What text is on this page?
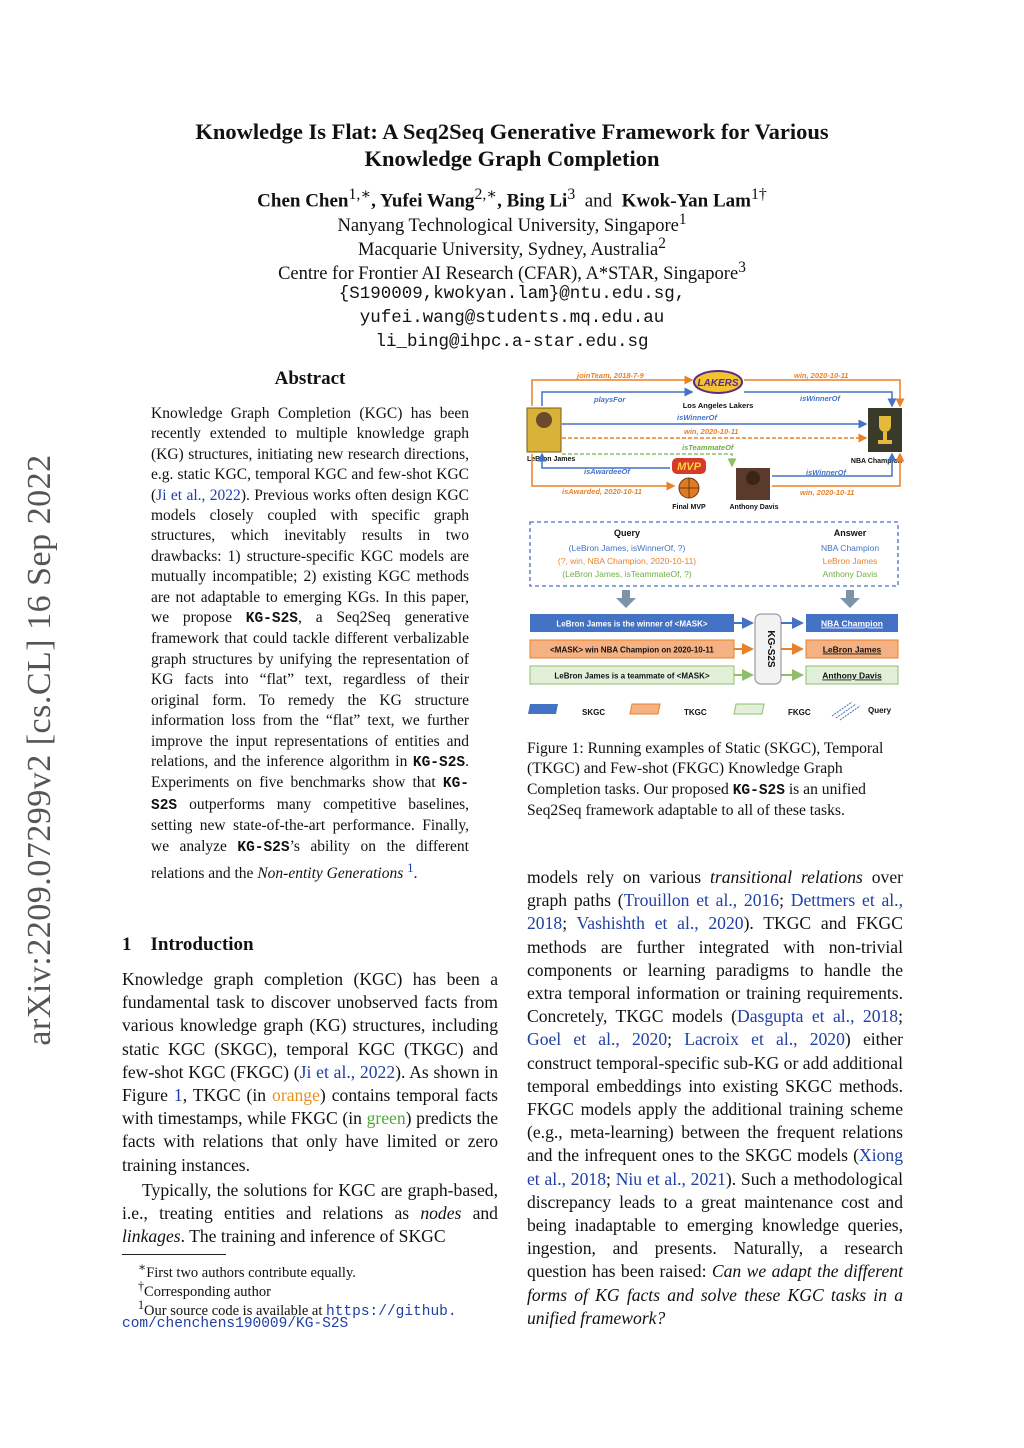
Knowledge Is Flat: A Seq2Seq Generative Framework for Various
Knowledge Graph Completion
Chen Chen$^{1,∗}$, Yufei Wang$^{2,∗}$, Bing Li$^3$ and Kwok-Yan Lam$^{1\dagger}$
Nanyang Technological University, Singapore$^1$
Macquarie University, Sydney, Australia$^2$
Centre for Frontier AI Research (CFAR), A*STAR, Singapore$^3$
{S190009,kwokyan.lam}@ntu.edu.sg,
yufei.wang@students.mq.edu.au
li_bing@ihpc.a-star.edu.sg
arXiv:2209.07299v2 [cs.CL] 16 Sep 2022
Abstract
Knowledge Graph Completion (KGC) has been recently extended to multiple knowledge graph (KG) structures, initiating new research directions, e.g. static KGC, temporal KGC and few-shot KGC (Ji et al., 2022). Previous works often design KGC models closely coupled with specific graph structures, which inevitably results in two drawbacks: 1) structure-specific KGC models are mutually incompatible; 2) existing KGC methods are not adaptable to emerging KGs. In this paper, we propose KG-S2S, a Seq2Seq generative framework that could tackle different verbalizable graph structures by unifying the representation of KG facts into “flat” text, regardless of their original form. To remedy the KG structure information loss from the “flat” text, we further improve the input representations of entities and relations, and the inference algorithm in KG-S2S. Experiments on five benchmarks show that KG-S2S outperforms many competitive baselines, setting new state-of-the-art performance. Finally, we analyze KG-S2S’s ability on the different relations and the Non-entity Generations $^1$.
1 Introduction
Knowledge graph completion (KGC) has been a fundamental task to discover unobserved facts from various knowledge graph (KG) structures, including static KGC (SKGC), temporal KGC (TKGC) and few-shot KGC (FKGC) (Ji et al., 2022). As shown in Figure 1, TKGC (in orange) contains temporal facts with timestamps, while FKGC (in green) predicts the facts with relations that only have limited or zero training instances.
Typically, the solutions for KGC are graph-based, i.e., treating entities and relations as nodes and linkages. The training and inference of SKGC
∗First two authors contribute equally.
†Corresponding author
$^1$Our source code is available at https://github.
com/chenchens190009/KG-S2S
models rely on various transitional relations over graph paths (Trouillon et al., 2016; Dettmers et al., 2018; Vashishth et al., 2020). TKGC and FKGC methods are further integrated with non-trivial components or learning paradigms to handle the extra temporal information or training requirements. Concretely, TKGC models (Dasgupta et al., 2018; Goel et al., 2020; Lacroix et al., 2020) either construct temporal-specific sub-KG or add additional temporal embeddings into existing SKGC methods. FKGC models apply the additional training scheme (e.g., meta-learning) between the frequent relations and the infrequent ones to the SKGC models (Xiong et al., 2018; Niu et al., 2021). Such a methodological discrepancy leads to a great maintenance cost and being inadaptable to emerging knowledge queries, ingestion, and presents. Naturally, a research question has been raised: Can we adapt the different forms of KG facts and solve these KGC tasks in a unified framework?
LAKERS
Los Angeles Lakers
LeBron James	NBA Champion
MVP
Final MVP	Anthony Davis
joinTeam, 2018-7-9	win, 2020-10-11
playsFor	isWinnerOf
isWinnerOf
win, 2020-10-11
isTeammateOf
isAwardeeOf
isAwarded, 2020-10-11
isWinnerOf
win, 2020-10-11
Query	Answer
(LeBron James, isWinnerOf, ?)
(?, win, NBA Champion, 2020-10-11)
(LeBron James, isTeammateOf, ?)
NBA Champion
LeBron James
Anthony Davis
LeBron James is the winner of <MASK>
<MASK> win NBA Champion on 2020-10-11
LeBron James is a teammate of <MASK>
KG-S2S
NBA Champion
LeBron James
Anthony Davis
SKGC	TKGC	FKGC	Query
Figure 1: Running examples of Static (SKGC), Temporal (TKGC) and Few-shot (FKGC) Knowledge Graph Completion tasks. Our proposed KG-S2S is an unified Seq2Seq framework adaptable to all of these tasks.
